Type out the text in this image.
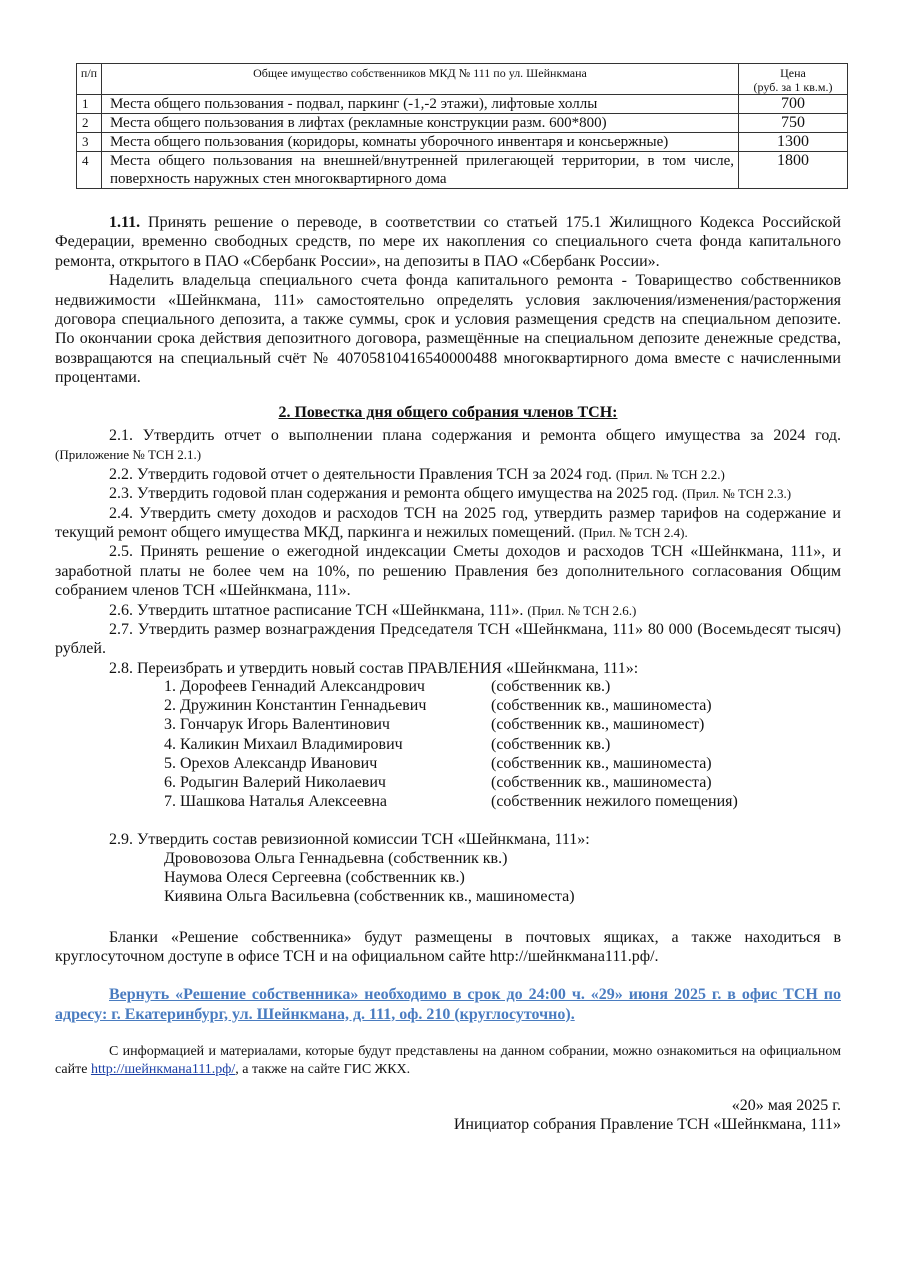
п/п	Общее имущество собственников МКД № 111 по ул. Шейнкмана	Цена
(руб. за 1 кв.м.)

1	Места общего пользования - подвал, паркинг (-1,-2 этажи), лифтовые холлы	700
2	Места общего пользования в лифтах (рекламные конструкции разм. 600*800)	750
3	Места общего пользования (коридоры, комнаты уборочного инвентаря и консьержные)	1300
4	Места общего пользования на внешней/внутренней прилегающей территории, в том числе, поверхность наружных стен многоквартирного дома	1800

1.11. Принять решение о переводе, в соответствии со статьей 175.1 Жилищного Кодекса Российской Федерации, временно свободных средств, по мере их накопления со специального счета фонда капитального ремонта, открытого в ПАО «Сбербанк России», на депозиты в ПАО «Сбербанк России».

Наделить владельца специального счета фонда капитального ремонта - Товарищество собственников недвижимости «Шейнкмана, 111» самостоятельно определять условия заключения/изменения/расторжения договора специального депозита, а также суммы, срок и условия размещения средств на специальном депозите. По окончании срока действия депозитного договора, размещённые на специальном депозите денежные средства, возвращаются на специальный счёт № 40705810416540000488 многоквартирного дома вместе с начисленными процентами.

2. Повестка дня общего собрания членов ТСН:

2.1. Утвердить отчет о выполнении плана содержания и ремонта общего имущества за 2024 год. (Приложение № ТСН 2.1.)

2.2. Утвердить годовой отчет о деятельности Правления ТСН за 2024 год. (Прил. № ТСН 2.2.)

2.3. Утвердить годовой план содержания и ремонта общего имущества на 2025 год. (Прил. № ТСН 2.3.)

2.4. Утвердить смету доходов и расходов ТСН на 2025 год, утвердить размер тарифов на содержание и текущий ремонт общего имущества МКД, паркинга и нежилых помещений. (Прил. № ТСН 2.4).

2.5. Принять решение о ежегодной индексации Сметы доходов и расходов ТСН «Шейнкмана, 111», и заработной платы не более чем на 10%, по решению Правления без дополнительного согласования Общим собранием членов ТСН «Шейнкмана, 111».

2.6. Утвердить штатное расписание ТСН «Шейнкмана, 111». (Прил. № ТСН 2.6.)

2.7. Утвердить размер вознаграждения Председателя ТСН «Шейнкмана, 111» 80 000 (Восемьдесят тысяч) рублей.

2.8. Переизбрать и утвердить новый состав ПРАВЛЕНИЯ «Шейнкмана, 111»:

1. Дорофеев Геннадий Александрович	(собственник кв.)
2. Дружинин Константин Геннадьевич	(собственник кв., машиноместа)
3. Гончарук Игорь Валентинович	(собственник кв., машиномест)
4. Каликин Михаил Владимирович	(собственник кв.)
5. Орехов Александр Иванович	(собственник кв., машиноместа)
6. Родыгин Валерий Николаевич	(собственник кв., машиноместа)
7. Шашкова Наталья Алексеевна	(собственник нежилого помещения)

2.9. Утвердить состав ревизионной комиссии ТСН «Шейнкмана, 111»:

Дрововозова Ольга Геннадьевна (собственник кв.)
Наумова Олеся Сергеевна (собственник кв.)
Киявина Ольга Васильевна (собственник кв., машиноместа)

Бланки «Решение собственника» будут размещены в почтовых ящиках, а также находиться в круглосуточном доступе в офисе ТСН и на официальном сайте http://шейнкмана111.рф/.

Вернуть «Решение собственника» необходимо в срок до 24:00 ч. «29» июня 2025 г. в офис ТСН по адресу: г. Екатеринбург, ул. Шейнкмана, д. 111, оф. 210 (круглосуточно).

С информацией и материалами, которые будут представлены на данном собрании, можно ознакомиться на официальном сайте http://шейнкмана111.рф/, а также на сайте ГИС ЖКХ.

«20» мая 2025 г.
Инициатор собрания Правление ТСН «Шейнкмана, 111»
